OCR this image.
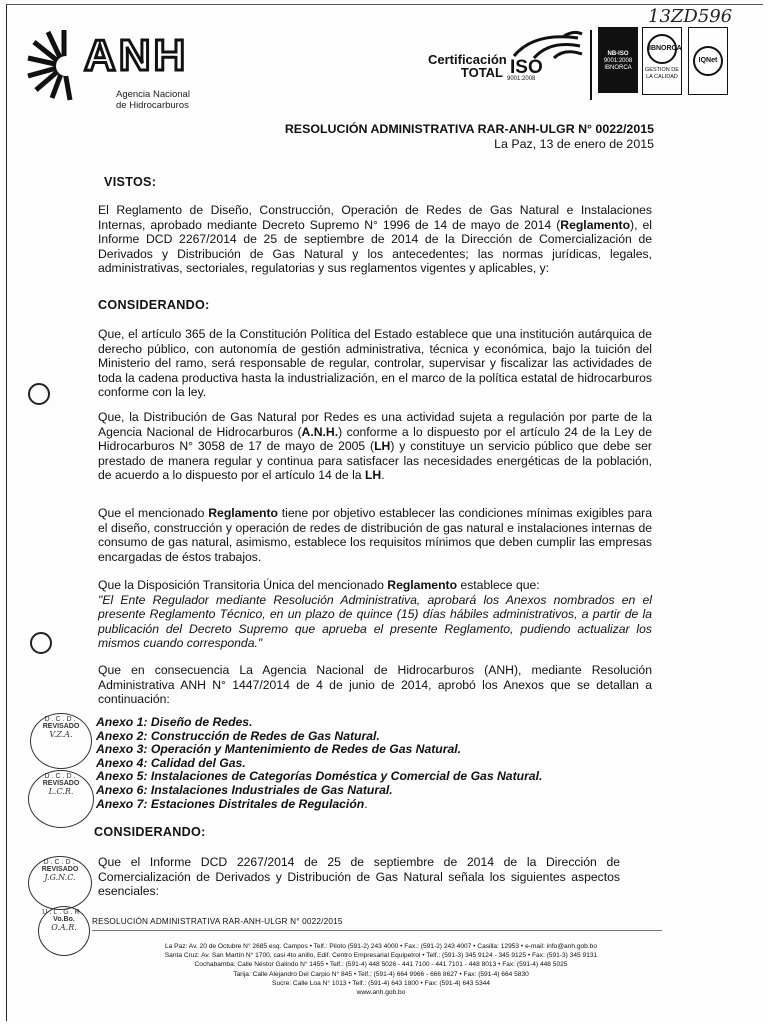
ANH
Agencia Nacional
de Hidrocarburos
13ZD596
Certificación
TOTAL ISO
9001:2008
NB-ISO
9001:2008
IBNORCA
IBNORCA
GESTION DE LA CALIDAD
IQNet
RESOLUCIÓN ADMINISTRATIVA RAR-ANH-ULGR N° 0022/2015
La Paz, 13 de enero de 2015
VISTOS:

El Reglamento de Diseño, Construcción, Operación de Redes de Gas Natural e Instalaciones Internas, aprobado mediante Decreto Supremo N° 1996 de 14 de mayo de 2014 (Reglamento), el Informe DCD 2267/2014 de 25 de septiembre de 2014 de la Dirección de Comercialización de Derivados y Distribución de Gas Natural y los antecedentes; las normas jurídicas, legales, administrativas, sectoriales, regulatorias y sus reglamentos vigentes y aplicables, y:

CONSIDERANDO:

Que, el artículo 365 de la Constitución Política del Estado establece que una institución autárquica de derecho público, con autonomía de gestión administrativa, técnica y económica, bajo la tuición del Ministerio del ramo, será responsable de regular, controlar, supervisar y fiscalizar las actividades de toda la cadena productiva hasta la industrialización, en el marco de la política estatal de hidrocarburos conforme con la ley.

Que, la Distribución de Gas Natural por Redes es una actividad sujeta a regulación por parte de la Agencia Nacional de Hidrocarburos (A.N.H.) conforme a lo dispuesto por el artículo 24 de la Ley de Hidrocarburos N° 3058 de 17 de mayo de 2005 (LH) y constituye un servicio público que debe ser prestado de manera regular y continua para satisfacer las necesidades energéticas de la población, de acuerdo a lo dispuesto por el artículo 14 de la LH.

Que el mencionado Reglamento tiene por objetivo establecer las condiciones mínimas exigibles para el diseño, construcción y operación de redes de distribución de gas natural e instalaciones internas de consumo de gas natural, asimismo, establece los requisitos mínimos que deben cumplir las empresas encargadas de éstos trabajos.

Que la Disposición Transitoria Única del mencionado Reglamento establece que:
"El Ente Regulador mediante Resolución Administrativa, aprobará los Anexos nombrados en el presente Reglamento Técnico, en un plazo de quince (15) días hábiles administrativos, a partir de la publicación del Decreto Supremo que aprueba el presente Reglamento, pudiendo actualizar los mismos cuando corresponda."

Que en consecuencia La Agencia Nacional de Hidrocarburos (ANH), mediante Resolución Administrativa ANH N° 1447/2014 de 4 de junio de 2014, aprobó los Anexos que se detallan a continuación:

Anexo 1: Diseño de Redes.
Anexo 2: Construcción de Redes de Gas Natural.
Anexo 3: Operación y Mantenimiento de Redes de Gas Natural.
Anexo 4: Calidad del Gas.
Anexo 5: Instalaciones de Categorías Doméstica y Comercial de Gas Natural.
Anexo 6: Instalaciones Industriales de Gas Natural.
Anexo 7: Estaciones Distritales de Regulación.
CONSIDERANDO:

Que el Informe DCD 2267/2014 de 25 de septiembre de 2014 de la Dirección de Comercialización de Derivados y Distribución de Gas Natural señala los siguientes aspectos esenciales:

D.C.D.
REVISADO
V.Z.A.
D.C.D.
REVISADO
L.C.R.
D.C.D.
REVISADO
J.G.N.C.
U.L.G.R.
Vo.Bo.
O.A.R.
RESOLUCIÓN ADMINISTRATIVA RAR-ANH-ULGR N° 0022/2015
La Paz: Av. 20 de Octubre N° 2685 esq. Campos • Telf.: Piloto (591-2) 243 4000 • Fax.: (591-2) 243 4007 • Casilla: 12953 • e-mail: info@anh.gob.bo
Santa Cruz: Av. San Martín N° 1700, casi 4to anillo, Edif. Centro Empresarial Equipetrol • Telf.: (591-3) 345 9124 - 345 9125 • Fax: (591-3) 345 9131
Cochabamba: Calle Néstor Galindo N° 1455 • Telf.: (591-4) 448 5026 - 441 7100 - 441 7101 - 448 8013 • Fax: (591-4) 448 5025
Tarija: Calle Alejandro Del Carpio N° 845 • Telf.: (591-4) 664 9966 - 666 8627 • Fax: (591-4) 664 5830
Sucre: Calle Loa N° 1013 • Telf.: (591-4) 643 1800 • Fax: (591-4) 643 5344
www.anh.gob.bo
